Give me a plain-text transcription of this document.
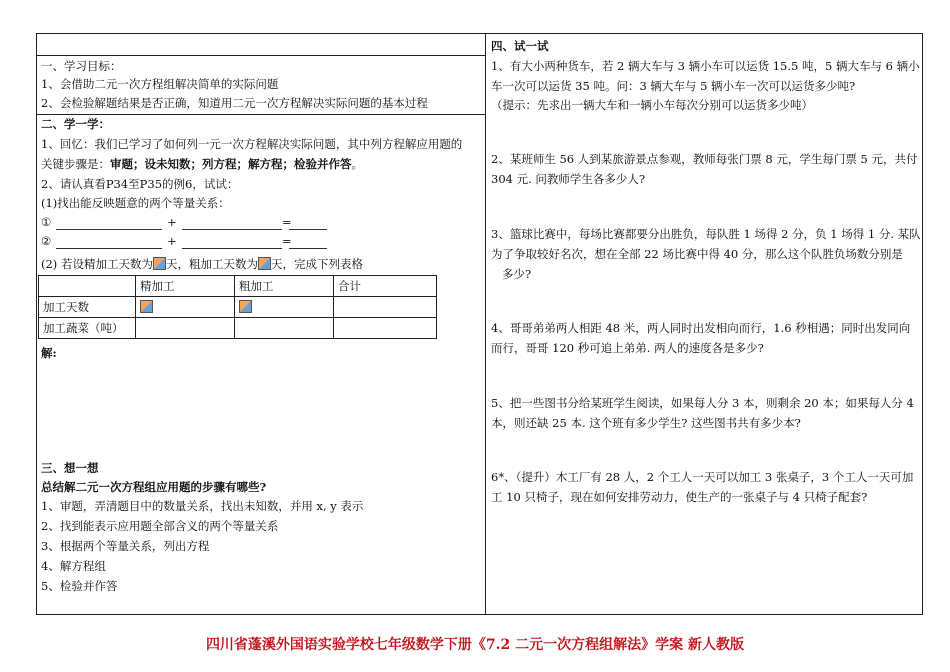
一、学习目标：
1、会借助二元一次方程组解决简单的实际问题
2、会检验解题结果是否正确，知道用二元一次方程解决实际问题的基本过程
二、学一学：
1、回忆：我们已学习了如何列一元一次方程解决实际问题，其中列方程解应用题的
关键步骤是：审题；设未知数；列方程；解方程；检验并作答。
2、请认真看P34至P35的例6，试试：
(1)找出能反映题意的两个等量关系：
①	+	=
②	+	=
(2) 若设精加工天数为 天，粗加工天数为 天，完成下列表格
	精加工	粗加工	合计
加工天数			
加工蔬菜（吨）			
解:
三、想一想
总结解二元一次方程组应用题的步骤有哪些?
1、审题，弄清题目中的数量关系，找出未知数，并用 x, y 表示
2、找到能表示应用题全部含义的两个等量关系
3、根据两个等量关系，列出方程
4、解方程组
5、检验并作答
四、试一试
1、有大小两种货车，若 2 辆大车与 3 辆小车可以运货 15.5 吨，5 辆大车与 6 辆小
车一次可以运货 35 吨。问：3 辆大车与 5 辆小车一次可以运货多少吨?
（提示：先求出一辆大车和一辆小车每次分别可以运货多少吨）
2、某班师生 56 人到某旅游景点参观，教师每张门票 8 元，学生每门票 5 元，共付
304 元. 问教师学生各多少人?
3、篮球比赛中，每场比赛都要分出胜负，每队胜 1 场得 2 分，负 1 场得 1 分. 某队
为了争取较好名次，想在全部 22 场比赛中得 40 分，那么这个队胜负场数分别是
多少?
4、哥哥弟弟两人相距 48 米，两人同时出发相向而行，1.6 秒相遇；同时出发同向
而行，哥哥 120 秒可追上弟弟. 两人的速度各是多少?
5、把一些图书分给某班学生阅读，如果每人分 3 本，则剩余 20 本；如果每人分 4
本，则还缺 25 本. 这个班有多少学生? 这些图书共有多少本?
6*、（提升）木工厂有 28 人，2 个工人一天可以加工 3 张桌子，3 个工人一天可加
工 10 只椅子，现在如何安排劳动力，使生产的一张桌子与 4 只椅子配套?
四川省蓬溪外国语实验学校七年级数学下册《7.2 二元一次方程组解法》学案 新人教版
